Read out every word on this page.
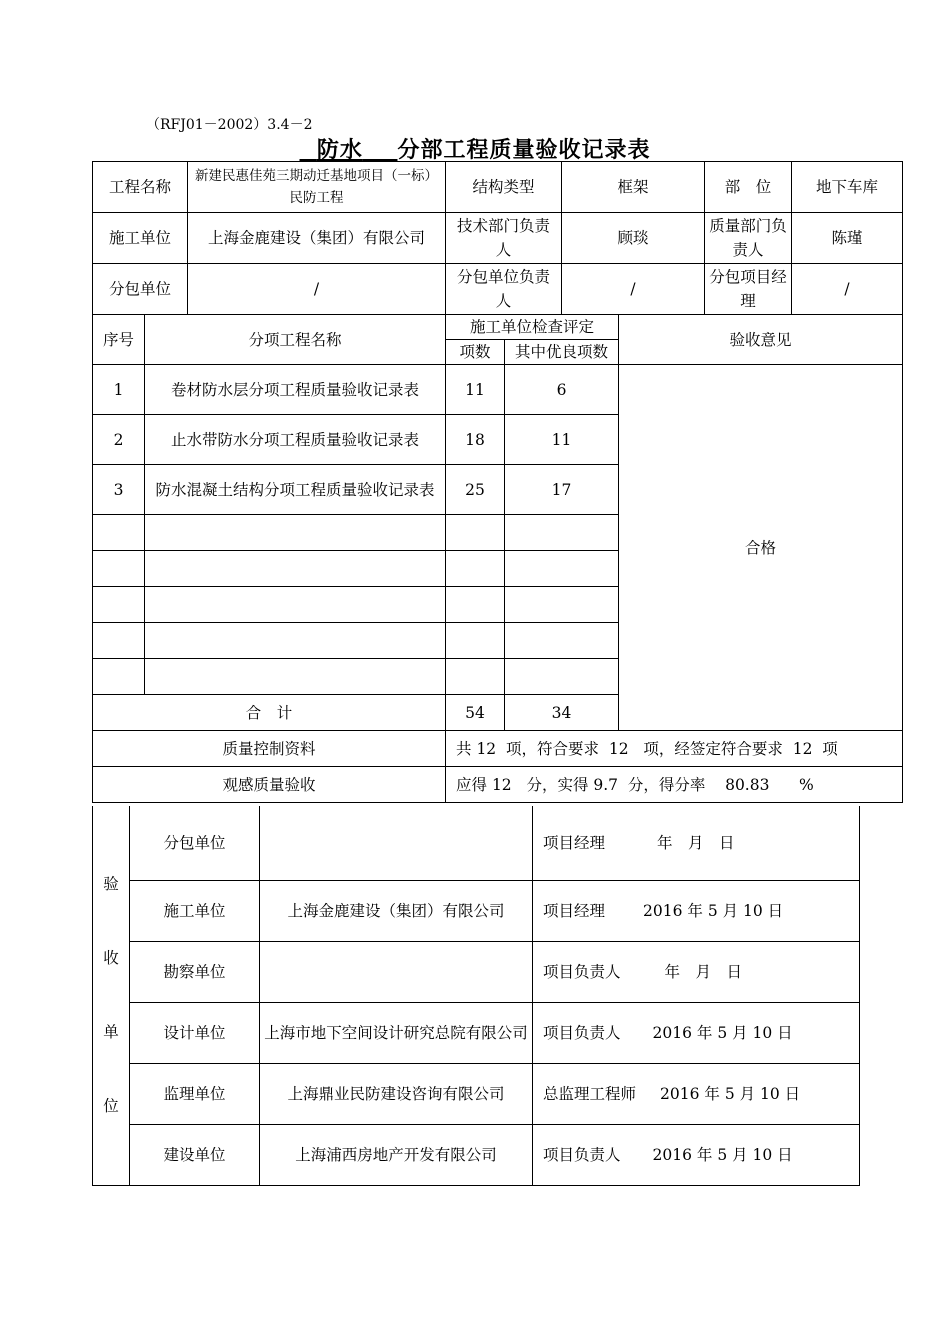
（RFJ01－2002）3.4－2
防水 分部工程质量验收记录表
工程名称		新建民惠佳苑三期动迁基地项目（一标）民防工程	结构类型		框架		部　位	地下车库
施工单位		上海金鹿建设（集团）有限公司	技术部门负责人		顾琰		质量部门负责人	陈瑾
分包单位		/	分包单位负责人		/		分包项目经　理	/
序号	分项工程名称		施工单位检查评定			验收意见		
			项数	其中优良项数				
1	卷材防水层分项工程质量验收记录表		11	6		合格		
2	止水带防水分项工程质量验收记录表		18	11				
3	防水混凝土结构分项工程质量验收记录表		25	17				

合　计			54	34				
质量控制资料			共 12  项，符合要求  12   项，经签定符合要求  12  项					
观感质量验收			应得 12   分，实得 9.7  分，得分率    80.83      %					
验
收
单
位	分包单位		项目经理 年　月　日
	施工单位	上海金鹿建设（集团）有限公司	项目经理 2016 年 5 月 10 日
	勘察单位		项目负责人 年　月　日
	设计单位	上海市地下空间设计研究总院有限公司	项目负责人 2016 年 5 月 10 日
	监理单位	上海鼎业民防建设咨询有限公司	总监理工程师 2016 年 5 月 10 日
	建设单位	上海浦西房地产开发有限公司	项目负责人 2016 年 5 月 10 日
